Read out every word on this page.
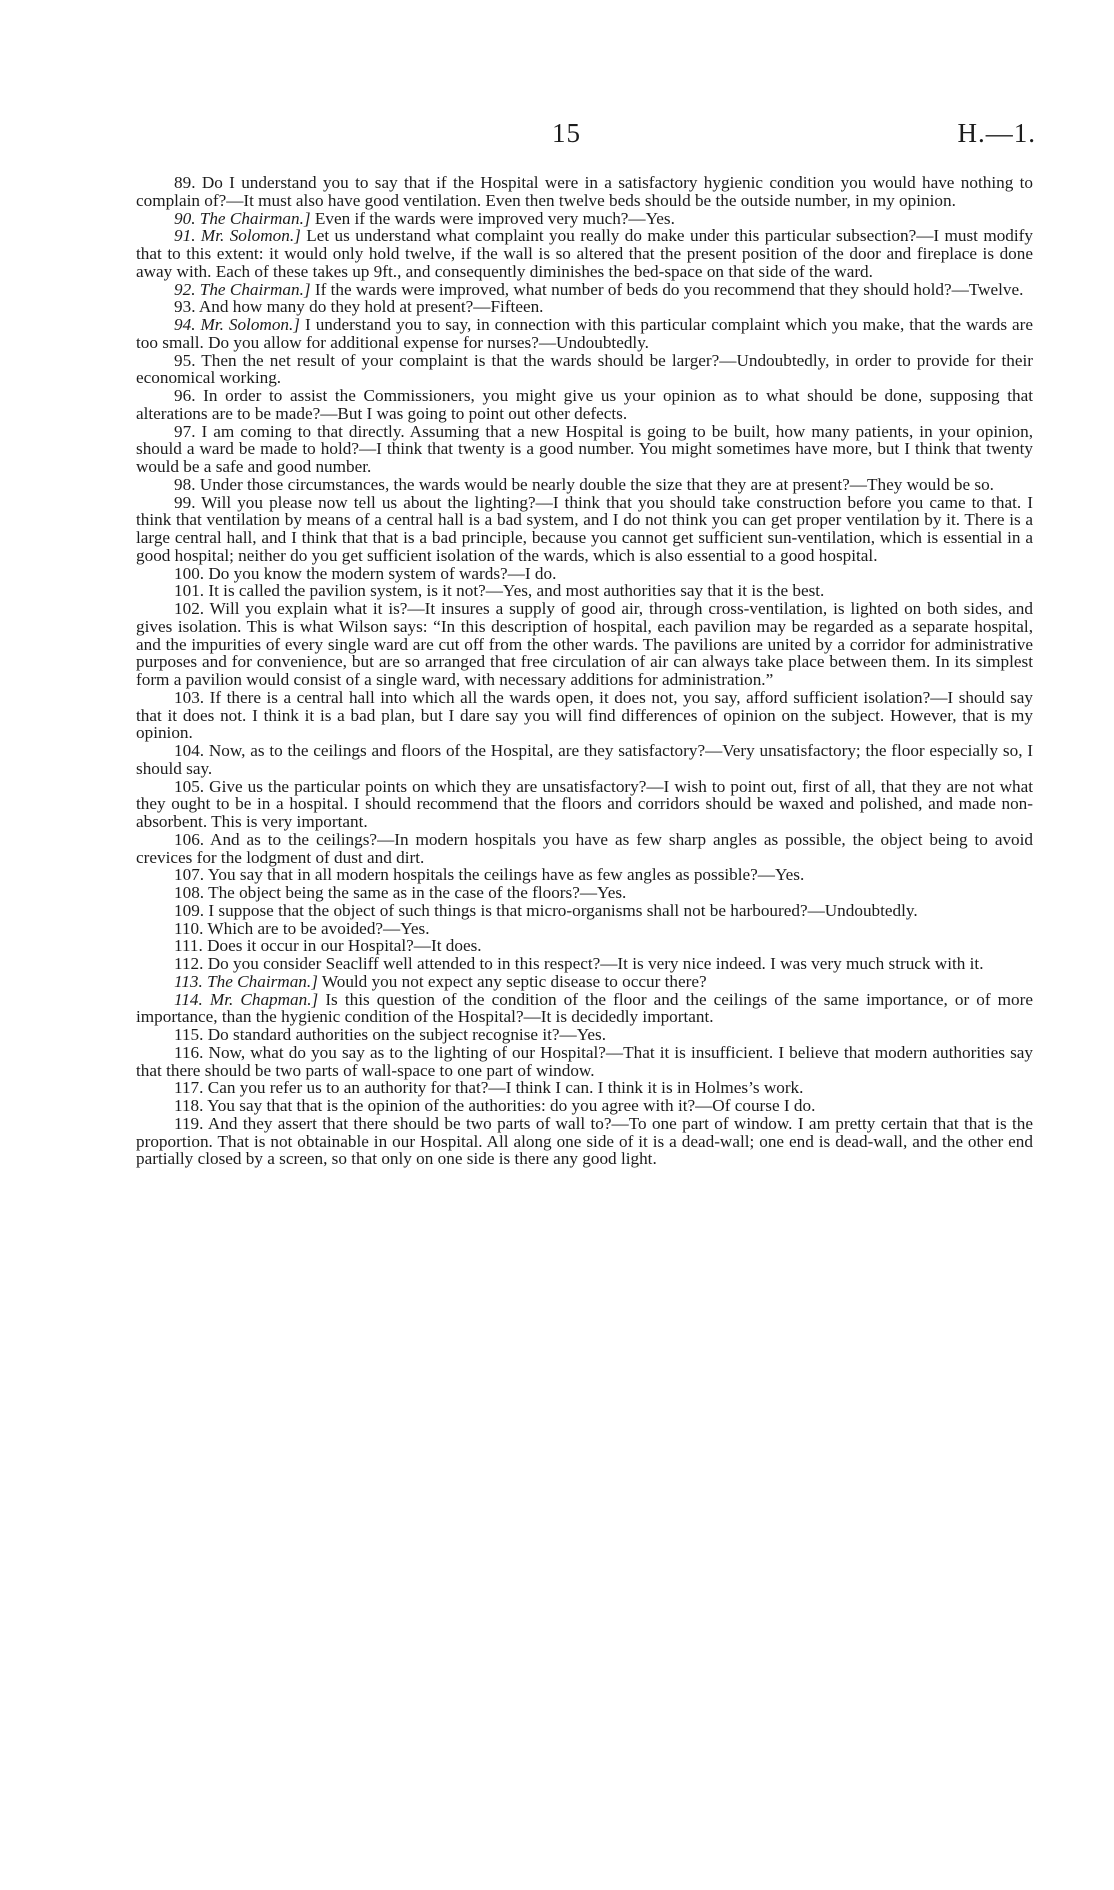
15	H.—1.

89. Do I understand you to say that if the Hospital were in a satisfactory hygienic condition you would have nothing to complain of?—It must also have good ventilation. Even then twelve beds should be the outside number, in my opinion.

90. The Chairman.] Even if the wards were improved very much?—Yes.

91. Mr. Solomon.] Let us understand what complaint you really do make under this particular subsection?—I must modify that to this extent: it would only hold twelve, if the wall is so altered that the present position of the door and fireplace is done away with. Each of these takes up 9ft., and consequently diminishes the bed-space on that side of the ward.

92. The Chairman.] If the wards were improved, what number of beds do you recommend that they should hold?—Twelve.

93. And how many do they hold at present?—Fifteen.

94. Mr. Solomon.] I understand you to say, in connection with this particular complaint which you make, that the wards are too small. Do you allow for additional expense for nurses?—Undoubtedly.

95. Then the net result of your complaint is that the wards should be larger?—Undoubtedly, in order to provide for their economical working.

96. In order to assist the Commissioners, you might give us your opinion as to what should be done, supposing that alterations are to be made?—But I was going to point out other defects.

97. I am coming to that directly. Assuming that a new Hospital is going to be built, how many patients, in your opinion, should a ward be made to hold?—I think that twenty is a good number. You might sometimes have more, but I think that twenty would be a safe and good number.

98. Under those circumstances, the wards would be nearly double the size that they are at present?—They would be so.

99. Will you please now tell us about the lighting?—I think that you should take construction before you came to that. I think that ventilation by means of a central hall is a bad system, and I do not think you can get proper ventilation by it. There is a large central hall, and I think that that is a bad principle, because you cannot get sufficient sun-ventilation, which is essential in a good hospital; neither do you get sufficient isolation of the wards, which is also essential to a good hospital.

100. Do you know the modern system of wards?—I do.

101. It is called the pavilion system, is it not?—Yes, and most authorities say that it is the best.

102. Will you explain what it is?—It insures a supply of good air, through cross-ventilation, is lighted on both sides, and gives isolation. This is what Wilson says: “In this description of hospital, each pavilion may be regarded as a separate hospital, and the impurities of every single ward are cut off from the other wards. The pavilions are united by a corridor for administrative purposes and for convenience, but are so arranged that free circulation of air can always take place between them. In its simplest form a pavilion would consist of a single ward, with necessary additions for administration.”

103. If there is a central hall into which all the wards open, it does not, you say, afford sufficient isolation?—I should say that it does not. I think it is a bad plan, but I dare say you will find differences of opinion on the subject. However, that is my opinion.

104. Now, as to the ceilings and floors of the Hospital, are they satisfactory?—Very unsatisfactory; the floor especially so, I should say.

105. Give us the particular points on which they are unsatisfactory?—I wish to point out, first of all, that they are not what they ought to be in a hospital. I should recommend that the floors and corridors should be waxed and polished, and made non-absorbent. This is very important.

106. And as to the ceilings?—In modern hospitals you have as few sharp angles as possible, the object being to avoid crevices for the lodgment of dust and dirt.

107. You say that in all modern hospitals the ceilings have as few angles as possible?—Yes.

108. The object being the same as in the case of the floors?—Yes.

109. I suppose that the object of such things is that micro-organisms shall not be harboured?—Undoubtedly.

110. Which are to be avoided?—Yes.

111. Does it occur in our Hospital?—It does.

112. Do you consider Seacliff well attended to in this respect?—It is very nice indeed. I was very much struck with it.

113. The Chairman.] Would you not expect any septic disease to occur there?

114. Mr. Chapman.] Is this question of the condition of the floor and the ceilings of the same importance, or of more importance, than the hygienic condition of the Hospital?—It is decidedly important.

115. Do standard authorities on the subject recognise it?—Yes.

116. Now, what do you say as to the lighting of our Hospital?—That it is insufficient. I believe that modern authorities say that there should be two parts of wall-space to one part of window.

117. Can you refer us to an authority for that?—I think I can. I think it is in Holmes’s work.

118. You say that that is the opinion of the authorities: do you agree with it?—Of course I do.

119. And they assert that there should be two parts of wall to?—To one part of window. I am pretty certain that that is the proportion. That is not obtainable in our Hospital. All along one side of it is a dead-wall; one end is dead-wall, and the other end partially closed by a screen, so that only on one side is there any good light.
